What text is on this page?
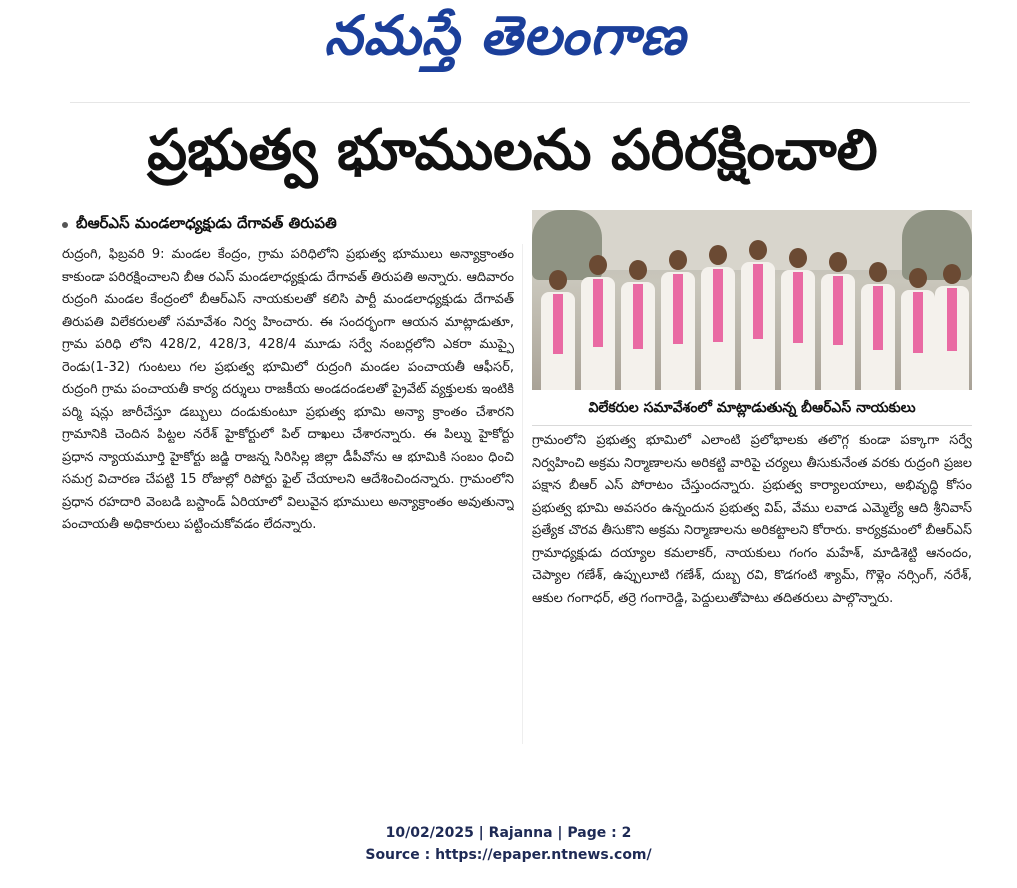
నమస్తే తెలంగాణ
ప్రభుత్వ భూములను పరిరక్షించాలి
బీఆర్ఎస్ మండలాధ్యక్షుడు దేగావత్ తిరుపతి
రుద్రంగి, ఫిబ్రవరి 9: మండల కేంద్రం, గ్రామ పరిధిలోని ప్రభుత్వ భూములు అన్యాక్రాంతం కాకుండా పరిరక్షించాలని బీఆ రఎస్ మండలాధ్యక్షుడు దేగావత్ తిరుపతి అన్నారు. ఆదివారం రుద్రంగి మండల కేంద్రంలో బీఆర్ఎస్ నాయకులతో కలిసి పార్టీ మండలాధ్యక్షుడు దేగావత్ తిరుపతి విలేకరులతో సమావేశం నిర్వ హించారు. ఈ సందర్భంగా ఆయన మాట్లాడుతూ, గ్రామ పరిధి లోని 428/2, 428/3, 428/4 మూడు సర్వే నంబర్లలోని ఎకరా ముప్పై రెండు(1-32) గుంటలు గల ప్రభుత్వ భూమిలో రుద్రంగి మండల పంచాయతీ ఆఫీసర్, రుద్రంగి గ్రామ పంచాయతీ కార్య దర్శులు రాజకీయ అండదండలతో ప్రైవేట్ వ్యక్తులకు ఇంటికి పర్మి షన్లు జారీచేస్తూ డబ్బులు దండుకుంటూ ప్రభుత్వ భూమి అన్యా క్రాంతం చేశారని గ్రామానికి చెందిన పిట్టల నరేశ్ హైకోర్టులో పిల్ దాఖలు చేశారన్నారు. ఈ పిల్ను హైకోర్టు ప్రధాన న్యాయమూర్తి హైకోర్టు జడ్జి రాజన్న సిరిసిల్ల జిల్లా డీపీవోను ఆ భూమికి సంబం ధించి సమగ్ర విచారణ చేపట్టి 15 రోజుల్లో రిపోర్టు ఫైల్ చేయాలని ఆదేశించిందన్నారు. గ్రామంలోని ప్రధాన రహదారి వెంబడి బస్టాండ్ ఏరియాలో విలువైన భూములు అన్యాక్రాంతం అవుతున్నా పంచాయతీ అధికారులు పట్టించుకోవడం లేదన్నారు.
విలేకరుల సమావేశంలో మాట్లాడుతున్న బీఆర్ఎస్ నాయకులు
గ్రామంలోని ప్రభుత్వ భూమిలో ఎలాంటి ప్రలోభాలకు తలొగ్గ కుండా పక్కాగా సర్వే నిర్వహించి అక్రమ నిర్మాణాలను అరికట్టి వారిపై చర్యలు తీసుకునేంత వరకు రుద్రంగి ప్రజల పక్షాన బీఆర్ ఎస్ పోరాటం చేస్తుందన్నారు. ప్రభుత్వ కార్యాలయాలు, అభివృద్ధి కోసం ప్రభుత్వ భూమి అవసరం ఉన్నందున ప్రభుత్వ విప్, వేము లవాడ ఎమ్మెల్యే ఆది శ్రీనివాస్ ప్రత్యేక చొరవ తీసుకొని అక్రమ నిర్మాణాలను అరికట్టాలని కోరారు. కార్యక్రమంలో బీఆర్ఎస్ గ్రామాధ్యక్షుడు దయ్యాల కమలాకర్, నాయకులు గంగం మహేశ్, మాడిశెట్టి ఆనందం, చెప్యాల గణేశ్, ఉప్పులూటి గణేశ్, దుబ్బ రవి, కొడగంటి శ్యామ్, గొళ్లెం నర్సింగ్, నరేశ్, ఆకుల గంగాధర్, తర్రె గంగారెడ్డి, పెద్దులుతోపాటు తదితరులు పాల్గొన్నారు.
10/02/2025 | Rajanna | Page : 2
Source : https://epaper.ntnews.com/
